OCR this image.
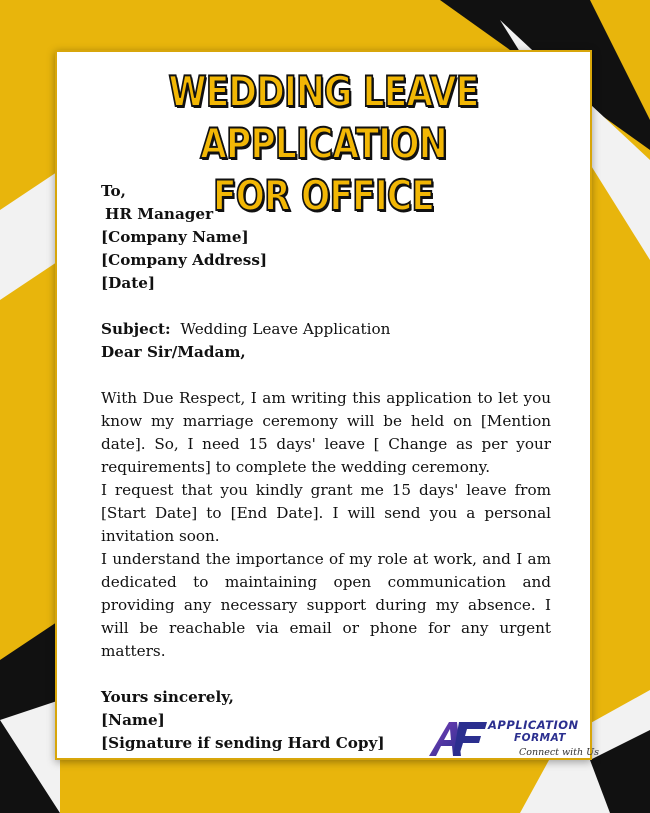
WEDDING LEAVE APPLICATION
FOR OFFICE
To,
HR Manager
[Company Name]
[Company Address]
[Date]
Subject: Wedding Leave Application
Dear Sir/Madam,

With Due Respect, I am writing this application to let you know my marriage ceremony will be held on [Mention date]. So, I need 15 days' leave [ Change as per your requirements] to complete the wedding ceremony.

I request that you kindly grant me 15 days' leave from [Start Date] to [End Date]. I will send you a personal invitation soon.

I understand the importance of my role at work, and I am dedicated to maintaining open communication and providing any necessary support during my absence. I will be reachable via email or phone for any urgent matters.

Yours sincerely,
[Name]
[Signature if sending Hard Copy]
APPLICATION
FORMAT
Connect with Us
